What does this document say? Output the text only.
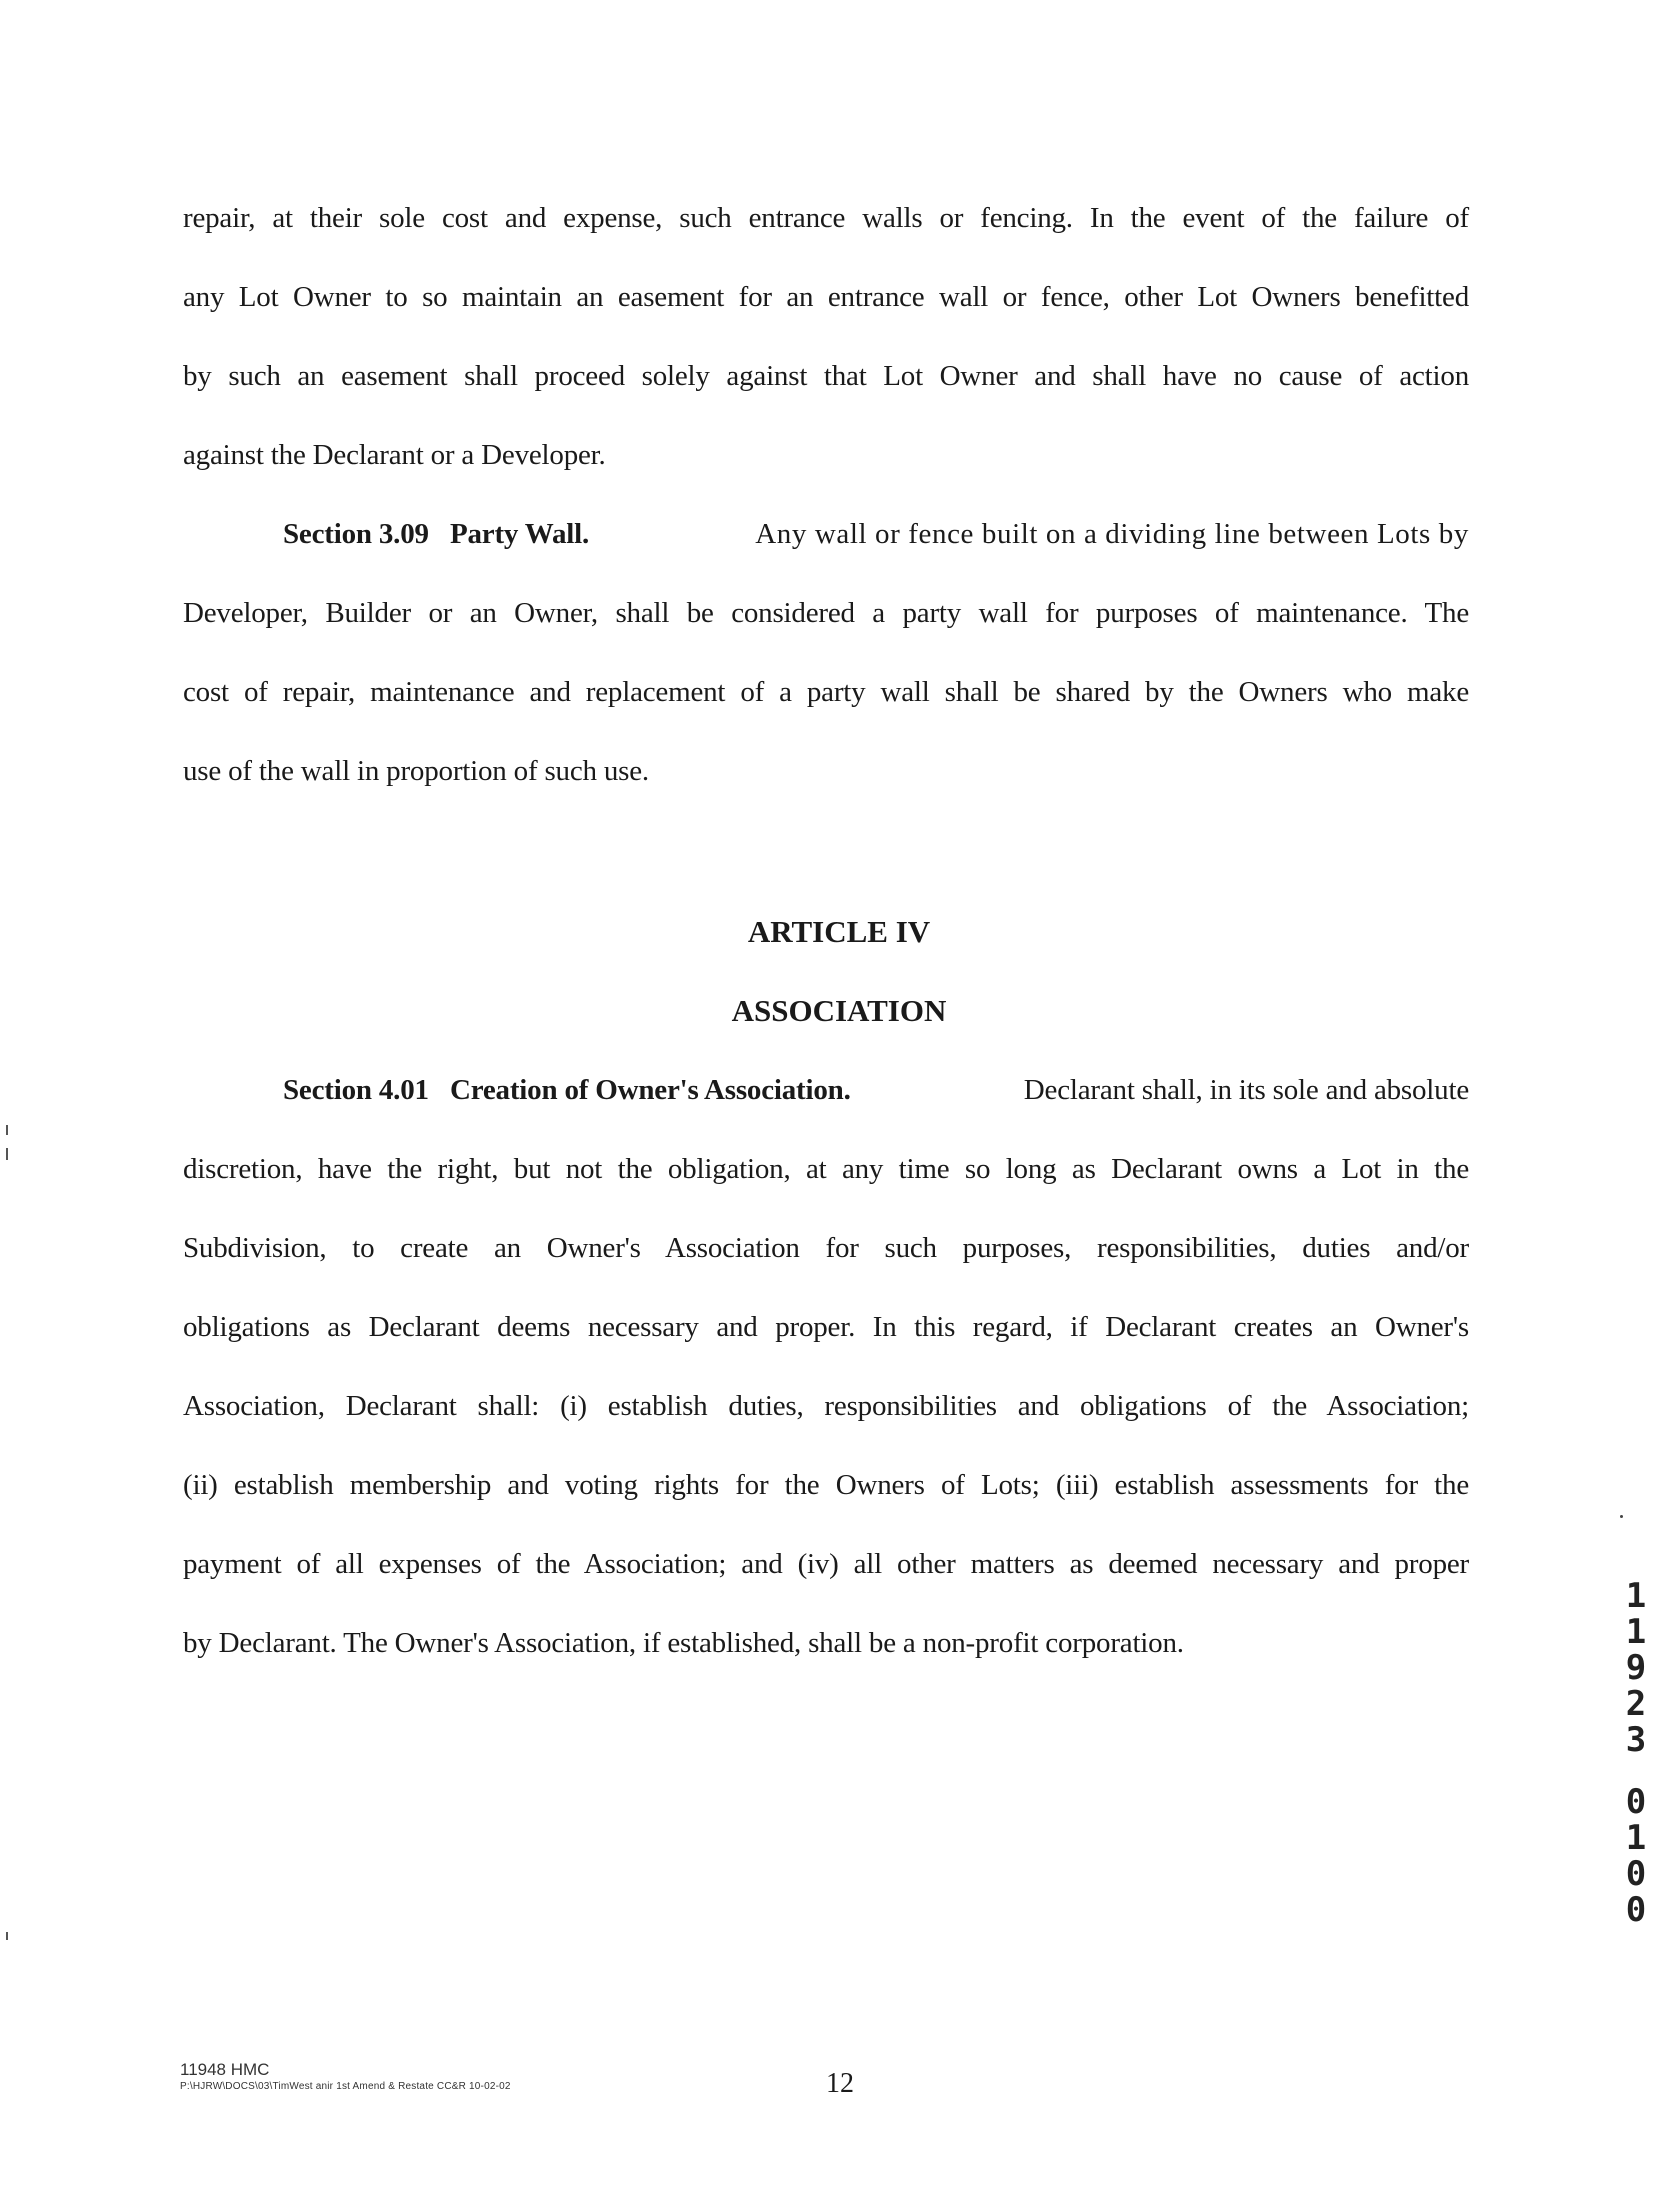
repair, at their sole cost and expense, such entrance walls or fencing. In the event of the failure of
any Lot Owner to so maintain an easement for an entrance wall or fence, other Lot Owners benefitted
by such an easement shall proceed solely against that Lot Owner and shall have no cause of action
against the Declarant or a Developer.
Section 3.09 Party Wall.	Any wall or fence built on a dividing line between Lots by
Developer, Builder or an Owner, shall be considered a party wall for purposes of maintenance. The
cost of repair, maintenance and replacement of a party wall shall be shared by the Owners who make
use of the wall in proportion of such use.
ARTICLE IV
ASSOCIATION
Section 4.01 Creation of Owner's Association.	Declarant shall, in its sole and absolute
discretion, have the right, but not the obligation, at any time so long as Declarant owns a Lot in the
Subdivision, to create an Owner's Association for such purposes, responsibilities, duties and/or
obligations as Declarant deems necessary and proper. In this regard, if Declarant creates an Owner's
Association, Declarant shall: (i) establish duties, responsibilities and obligations of the Association;
(ii) establish membership and voting rights for the Owners of Lots; (iii) establish assessments for the
payment of all expenses of the Association; and (iv) all other matters as deemed necessary and proper
by Declarant. The Owner's Association, if established, shall be a non-profit corporation.
1
1
9
2
3
0
1
0
0
11948 HMC
P:\HJRW\DOCS\03\TimWest anir 1st Amend & Restate CC&R 10-02-02	12
